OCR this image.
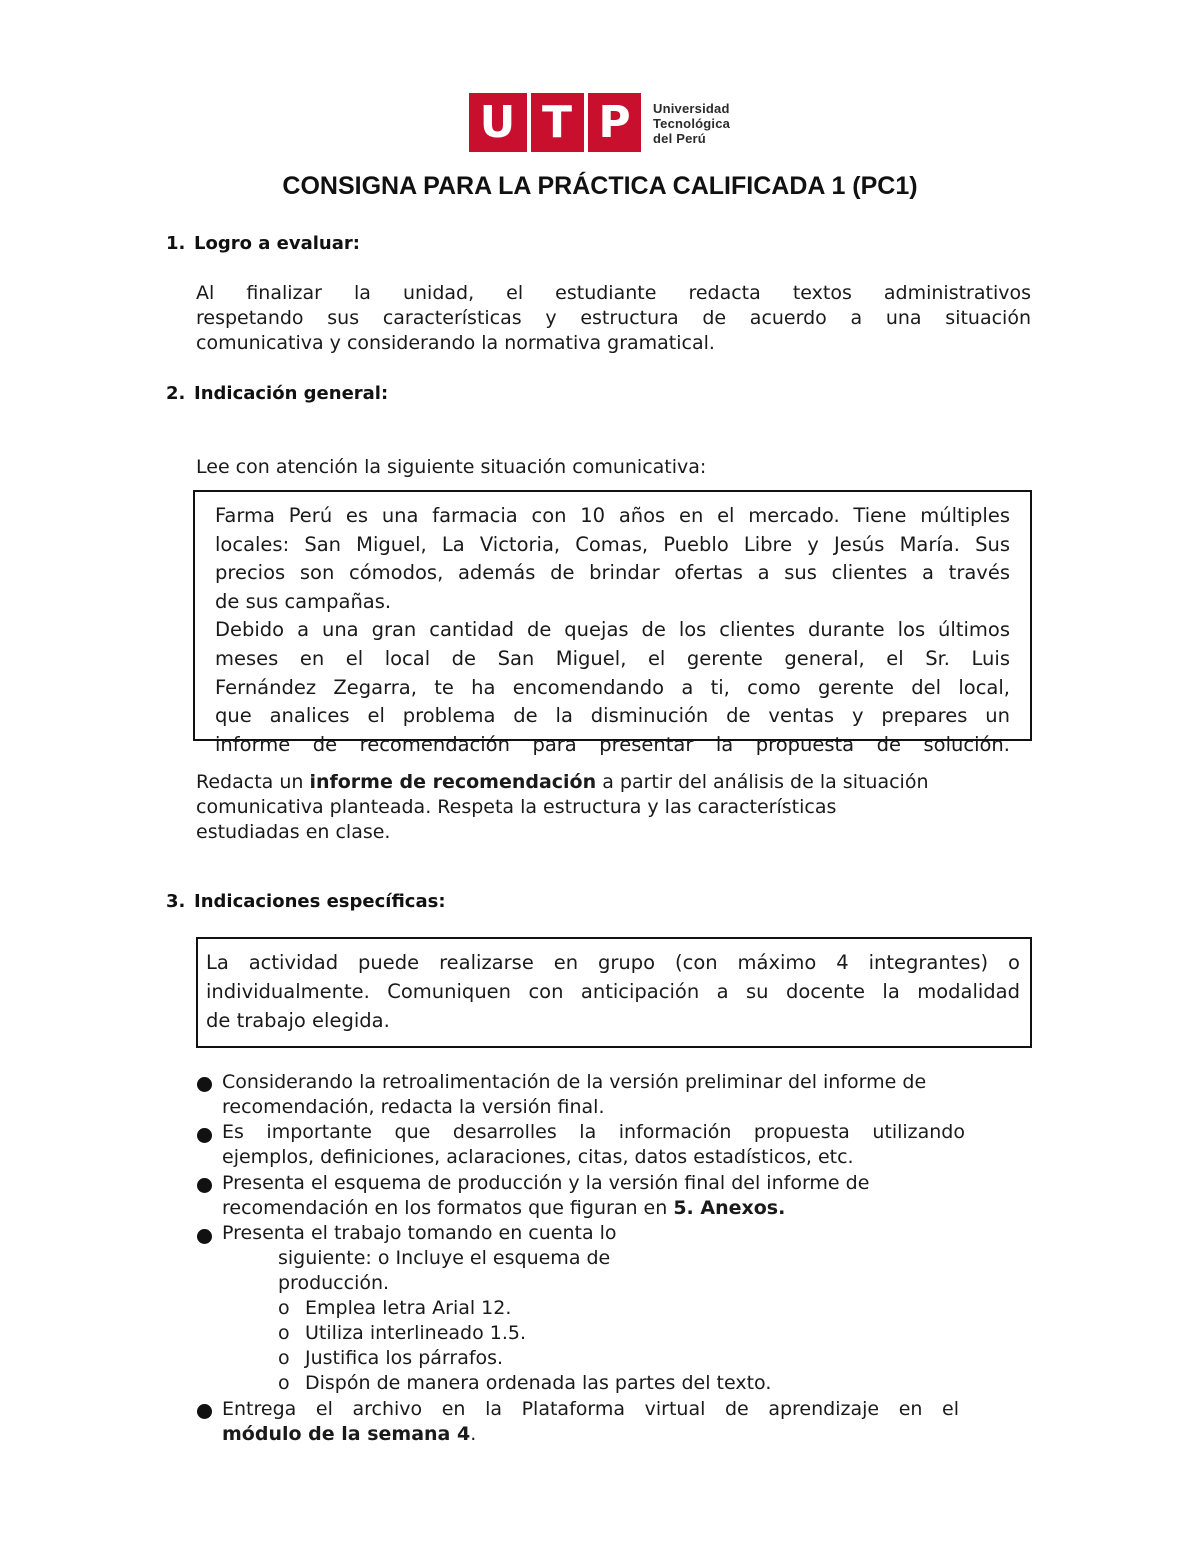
U T P	Universidad
Tecnológica
del Perú
CONSIGNA PARA LA PRÁCTICA CALIFICADA 1 (PC1)
1. Logro a evaluar:
Al finalizar la unidad, el estudiante redacta textos administrativos
respetando sus características y estructura de acuerdo a una situación
comunicativa y considerando la normativa gramatical.
2. Indicación general:
Lee con atención la siguiente situación comunicativa:
Farma Perú es una farmacia con 10 años en el mercado. Tiene múltiples
locales: San Miguel, La Victoria, Comas, Pueblo Libre y Jesús María. Sus
precios son cómodos, además de brindar ofertas a sus clientes a través
de sus campañas.
Debido a una gran cantidad de quejas de los clientes durante los últimos
meses en el local de San Miguel, el gerente general, el Sr. Luis
Fernández Zegarra, te ha encomendando a ti, como gerente del local,
que analices el problema de la disminución de ventas y prepares un
informe de recomendación para presentar la propuesta de solución.
Redacta un informe de recomendación a partir del análisis de la situación
comunicativa planteada. Respeta la estructura y las características
estudiadas en clase.
3. Indicaciones específicas:
La actividad puede realizarse en grupo (con máximo 4 integrantes) o
individualmente. Comuniquen con anticipación a su docente la modalidad
de trabajo elegida.
Considerando la retroalimentación de la versión preliminar del informe de
recomendación, redacta la versión final.
Es importante que desarrolles la información propuesta utilizando
ejemplos, definiciones, aclaraciones, citas, datos estadísticos, etc.
Presenta el esquema de producción y la versión final del informe de
recomendación en los formatos que figuran en 5. Anexos.
Presenta el trabajo tomando en cuenta lo
siguiente: o Incluye el esquema de
producción.
o Emplea letra Arial 12.
o Utiliza interlineado 1.5.
o Justifica los párrafos.
o Dispón de manera ordenada las partes del texto.
Entrega el archivo en la Plataforma virtual de aprendizaje en el
módulo de la semana 4.
